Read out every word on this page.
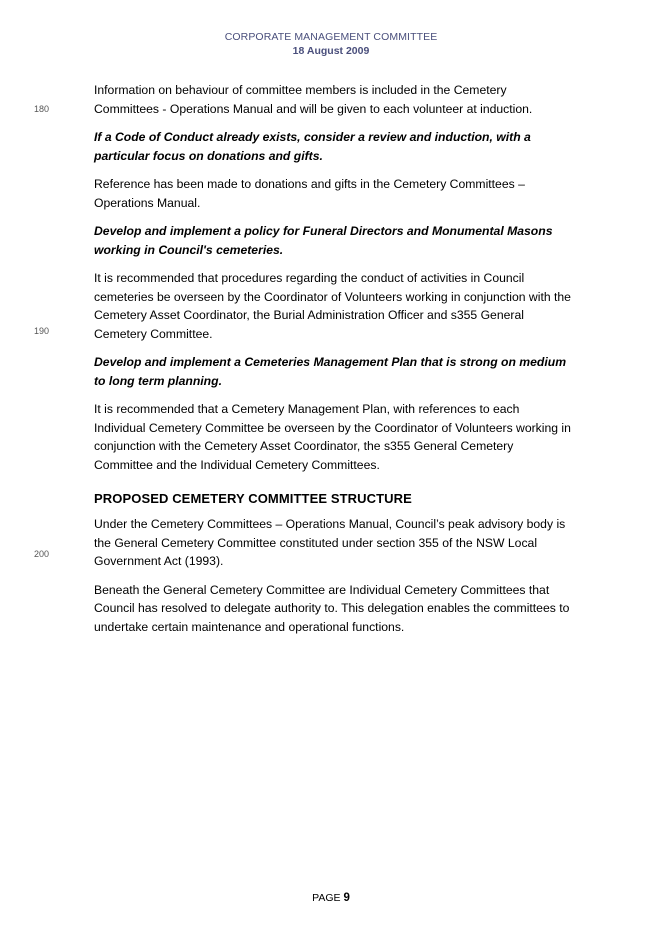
CORPORATE MANAGEMENT COMMITTEE
18 August 2009
180
190
200

Information on behaviour of committee members is included in the Cemetery Committees - Operations Manual and will be given to each volunteer at induction.

If a Code of Conduct already exists, consider a review and induction, with a particular focus on donations and gifts.

Reference has been made to donations and gifts in the Cemetery Committees – Operations Manual.

Develop and implement a policy for Funeral Directors and Monumental Masons working in Council's cemeteries.

It is recommended that procedures regarding the conduct of activities in Council cemeteries be overseen by the Coordinator of Volunteers working in conjunction with the Cemetery Asset Coordinator, the Burial Administration Officer and s355 General Cemetery Committee.

Develop and implement a Cemeteries Management Plan that is strong on medium to long term planning.

It is recommended that a Cemetery Management Plan, with references to each Individual Cemetery Committee be overseen by the Coordinator of Volunteers working in conjunction with the Cemetery Asset Coordinator, the s355 General Cemetery Committee and the Individual Cemetery Committees.

PROPOSED CEMETERY COMMITTEE STRUCTURE

Under the Cemetery Committees – Operations Manual, Council’s peak advisory body is the General Cemetery Committee constituted under section 355 of the NSW Local Government Act (1993).

Beneath the General Cemetery Committee are Individual Cemetery Committees that Council has resolved to delegate authority to. This delegation enables the committees to undertake certain maintenance and operational functions.

PAGE 9
